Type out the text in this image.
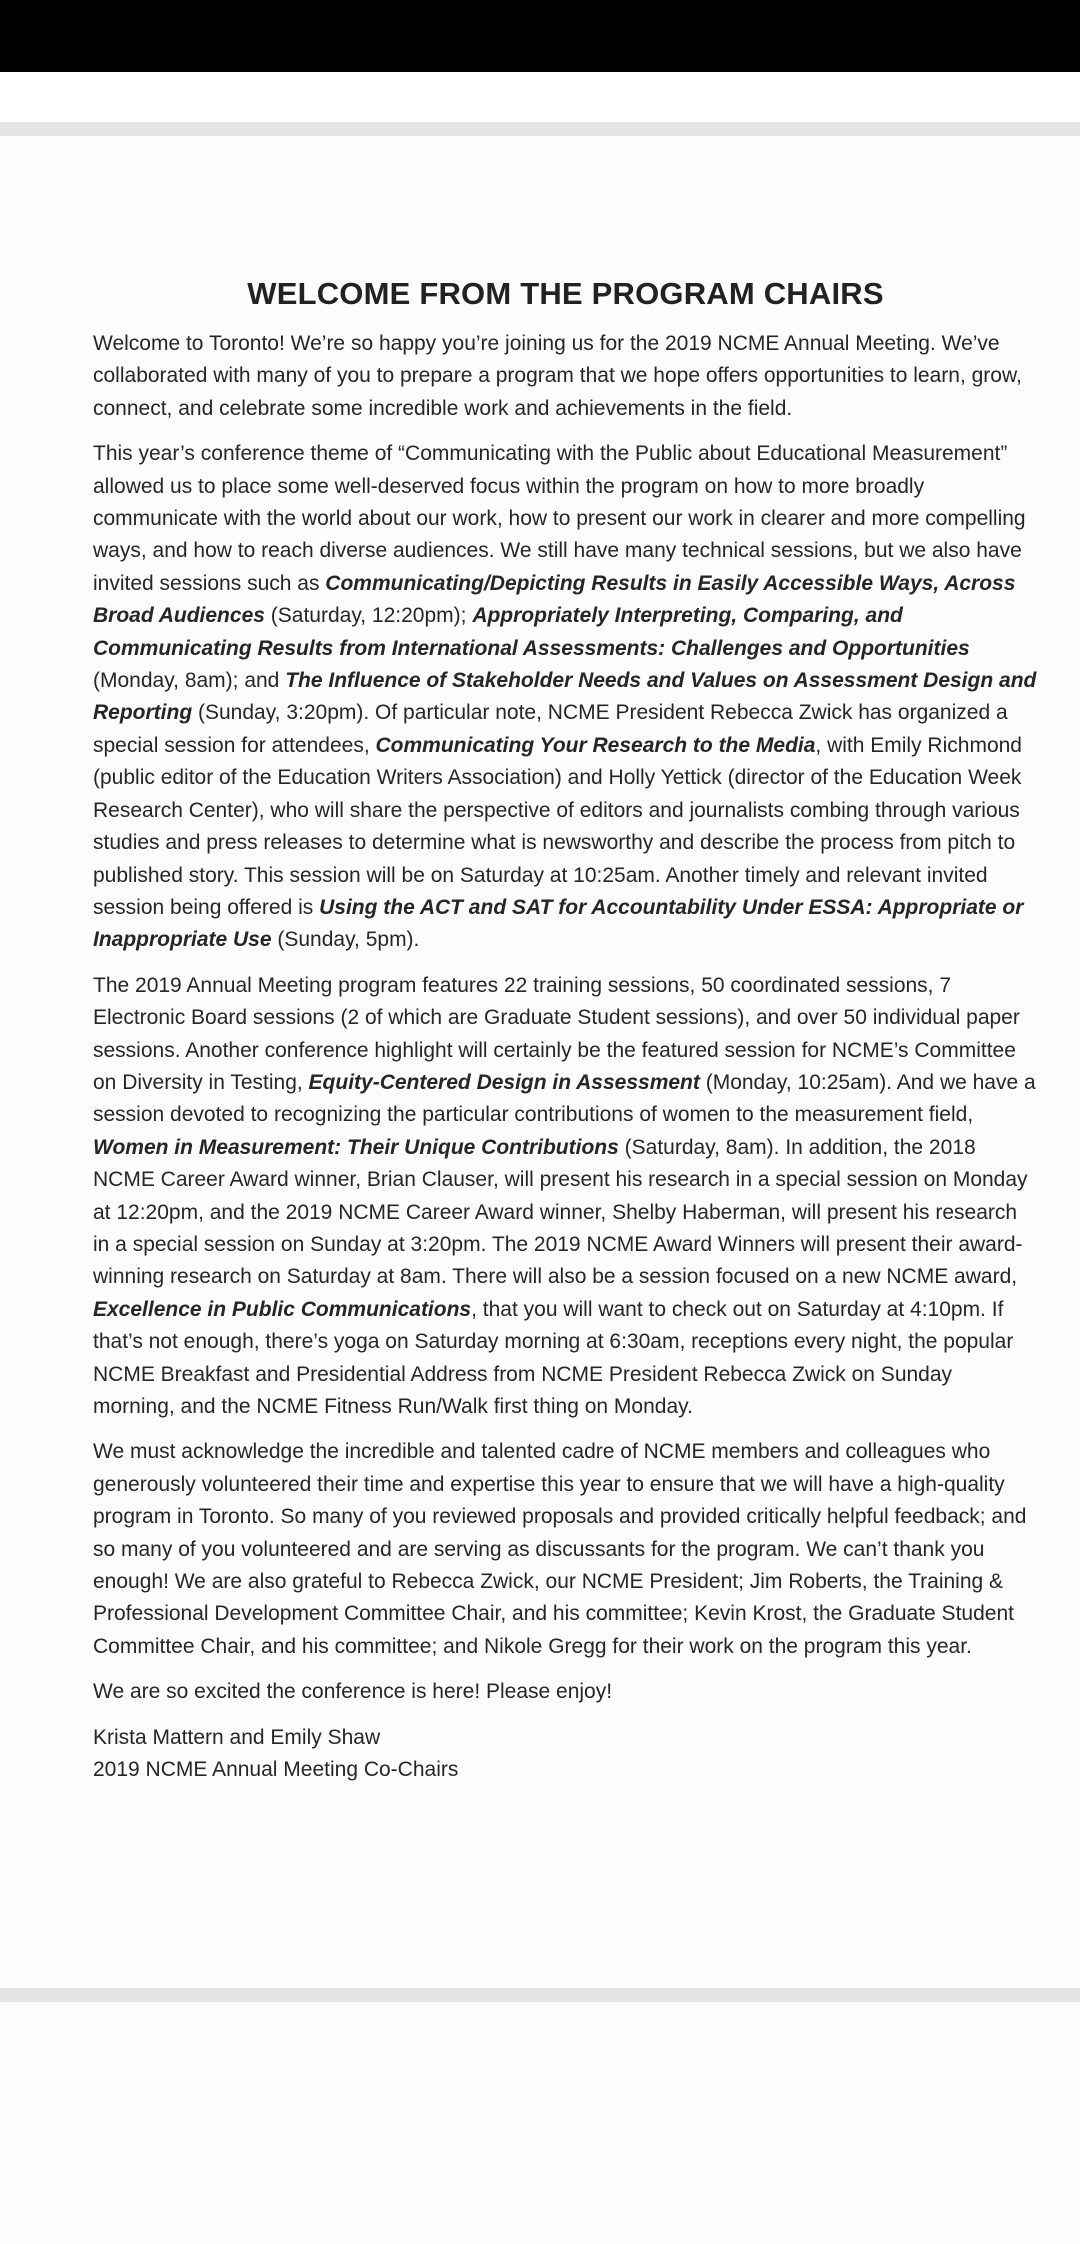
WELCOME FROM THE PROGRAM CHAIRS

Welcome to Toronto! We’re so happy you’re joining us for the 2019 NCME Annual Meeting. We’ve collaborated with many of you to prepare a program that we hope offers opportunities to learn, grow, connect, and celebrate some incredible work and achievements in the field.

This year’s conference theme of “Communicating with the Public about Educational Measurement” allowed us to place some well-deserved focus within the program on how to more broadly communicate with the world about our work, how to present our work in clearer and more compelling ways, and how to reach diverse audiences. We still have many technical sessions, but we also have invited sessions such as Communicating/Depicting Results in Easily Accessible Ways, Across Broad Audiences (Saturday, 12:20pm); Appropriately Interpreting, Comparing, and Communicating Results from International Assessments: Challenges and Opportunities (Monday, 8am); and The Influence of Stakeholder Needs and Values on Assessment Design and Reporting (Sunday, 3:20pm). Of particular note, NCME President Rebecca Zwick has organized a special session for attendees, Communicating Your Research to the Media, with Emily Richmond (public editor of the Education Writers Association) and Holly Yettick (director of the Education Week Research Center), who will share the perspective of editors and journalists combing through various studies and press releases to determine what is newsworthy and describe the process from pitch to published story. This session will be on Saturday at 10:25am. Another timely and relevant invited session being offered is Using the ACT and SAT for Accountability Under ESSA: Appropriate or Inappropriate Use (Sunday, 5pm).

The 2019 Annual Meeting program features 22 training sessions, 50 coordinated sessions, 7 Electronic Board sessions (2 of which are Graduate Student sessions), and over 50 individual paper sessions. Another conference highlight will certainly be the featured session for NCME’s Committee on Diversity in Testing, Equity-Centered Design in Assessment (Monday, 10:25am). And we have a session devoted to recognizing the particular contributions of women to the measurement field, Women in Measurement: Their Unique Contributions (Saturday, 8am). In addition, the 2018 NCME Career Award winner, Brian Clauser, will present his research in a special session on Monday at 12:20pm, and the 2019 NCME Career Award winner, Shelby Haberman, will present his research in a special session on Sunday at 3:20pm. The 2019 NCME Award Winners will present their award-winning research on Saturday at 8am. There will also be a session focused on a new NCME award, Excellence in Public Communications, that you will want to check out on Saturday at 4:10pm. If that’s not enough, there’s yoga on Saturday morning at 6:30am, receptions every night, the popular NCME Breakfast and Presidential Address from NCME President Rebecca Zwick on Sunday morning, and the NCME Fitness Run/Walk first thing on Monday.

We must acknowledge the incredible and talented cadre of NCME members and colleagues who generously volunteered their time and expertise this year to ensure that we will have a high-quality program in Toronto. So many of you reviewed proposals and provided critically helpful feedback; and so many of you volunteered and are serving as discussants for the program. We can’t thank you enough! We are also grateful to Rebecca Zwick, our NCME President; Jim Roberts, the Training & Professional Development Committee Chair, and his committee; Kevin Krost, the Graduate Student Committee Chair, and his committee; and Nikole Gregg for their work on the program this year.

We are so excited the conference is here! Please enjoy!

Krista Mattern and Emily Shaw

2019 NCME Annual Meeting Co-Chairs
